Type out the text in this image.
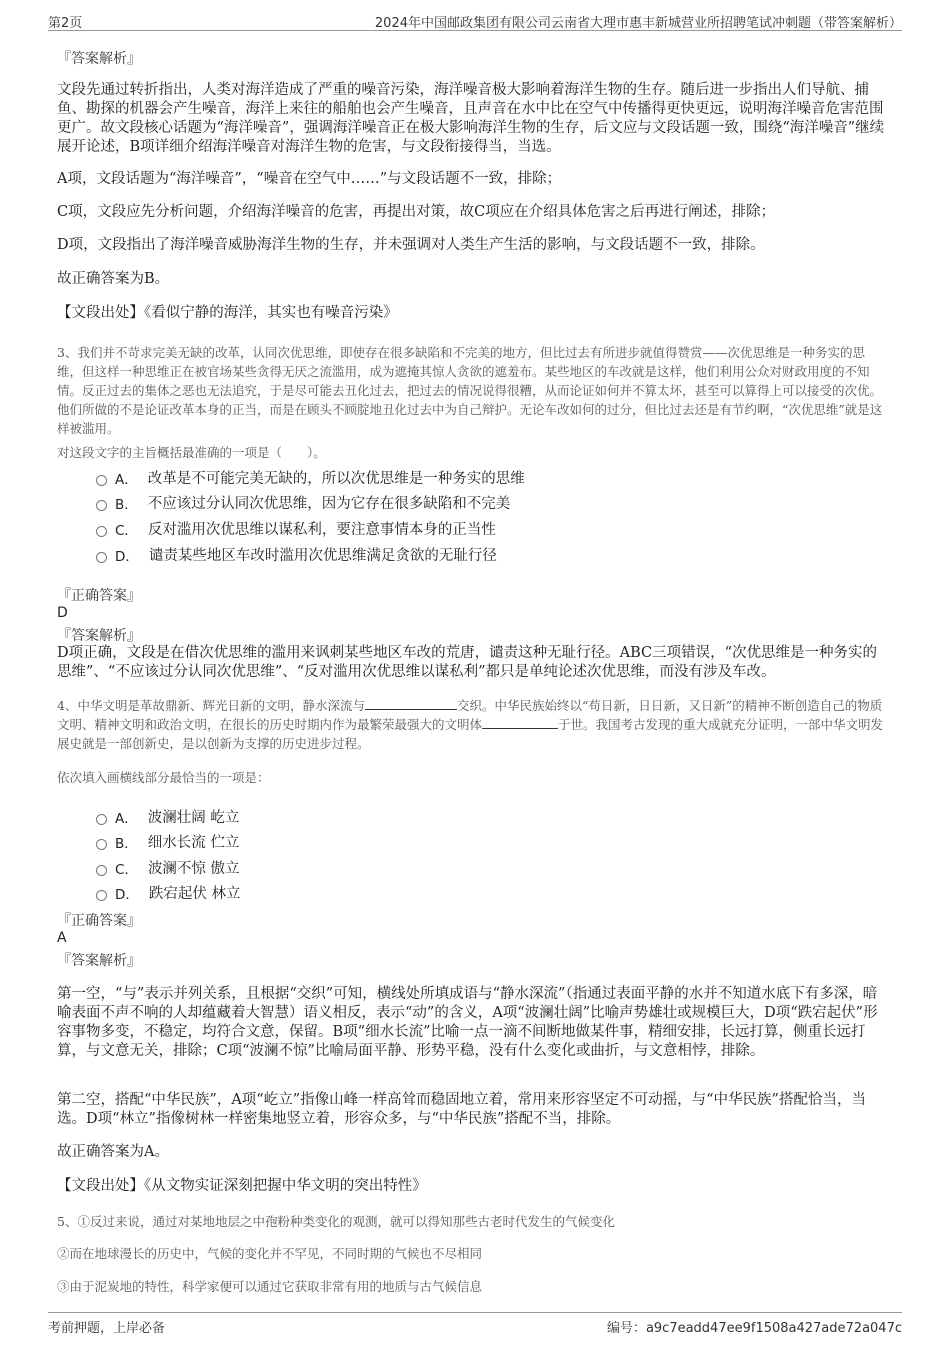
第2页	2024年中国邮政集团有限公司云南省大理市惠丰新城营业所招聘笔试冲刺题（带答案解析）
『答案解析』
文段先通过转折指出，人类对海洋造成了严重的噪音污染，海洋噪音极大影响着海洋生物的生存。随后进一步指出人们导航、捕鱼、勘探的机器会产生噪音，海洋上来往的船舶也会产生噪音，且声音在水中比在空气中传播得更快更远，说明海洋噪音危害范围更广。故文段核心话题为“海洋噪音”，强调海洋噪音正在极大影响海洋生物的生存，后文应与文段话题一致，围绕“海洋噪音”继续展开论述，B项详细介绍海洋噪音对海洋生物的危害，与文段衔接得当，当选。
A项，文段话题为“海洋噪音”，“噪音在空气中……”与文段话题不一致，排除；
C项，文段应先分析问题，介绍海洋噪音的危害，再提出对策，故C项应在介绍具体危害之后再进行阐述，排除；
D项，文段指出了海洋噪音威胁海洋生物的生存，并未强调对人类生产生活的影响，与文段话题不一致，排除。
故正确答案为B。
【文段出处】《看似宁静的海洋，其实也有噪音污染》
3、我们并不苛求完美无缺的改革，认同次优思维，即使存在很多缺陷和不完美的地方，但比过去有所进步就值得赞赏——次优思维是一种务实的思维，但这样一种思维正在被官场某些贪得无厌之流滥用，成为遮掩其惊人贪欲的遮羞布。某些地区的车改就是这样，他们利用公众对财政用度的不知情。反正过去的集体之恶也无法追究，于是尽可能去丑化过去，把过去的情况说得很糟，从而论证如何并不算太坏，甚至可以算得上可以接受的次优。他们所做的不是论证改革本身的正当，而是在顾头不顾腚地丑化过去中为自己辩护。无论车改如何的过分，但比过去还是有节约啊，“次优思维”就是这样被滥用。
对这段文字的主旨概括最准确的一项是（　　）。
A． 改革是不可能完美无缺的，所以次优思维是一种务实的思维
B． 不应该过分认同次优思维，因为它存在很多缺陷和不完美
C． 反对滥用次优思维以谋私利，要注意事情本身的正当性
D． 谴责某些地区车改时滥用次优思维满足贪欲的无耻行径
『正确答案』
D
『答案解析』
D项正确，文段是在借次优思维的滥用来讽刺某些地区车改的荒唐，谴责这种无耻行径。ABC三项错误，“次优思维是一种务实的思维”、“不应该过分认同次优思维”、“反对滥用次优思维以谋私利”都只是单纯论述次优思维，而没有涉及车改。
4、中华文明是革故鼎新、辉光日新的文明，静水深流与	交织。中华民族始终以“苟日新，日日新，又日新”的精神不断创造自己的物质文明、精神文明和政治文明，在很长的历史时期内作为最繁荣最强大的文明体	于世。我国考古发现的重大成就充分证明，一部中华文明发展史就是一部创新史，是以创新为支撑的历史进步过程。
依次填入画横线部分最恰当的一项是：
A． 波澜壮阔 屹立
B． 细水长流 伫立
C． 波澜不惊 傲立
D． 跌宕起伏 林立
『正确答案』
A
『答案解析』
第一空，“与”表示并列关系，且根据“交织”可知，横线处所填成语与“静水深流”（指通过表面平静的水并不知道水底下有多深，暗喻表面不声不响的人却蕴藏着大智慧）语义相反，表示“动”的含义，A项“波澜壮阔”比喻声势雄壮或规模巨大，D项“跌宕起伏”形容事物多变，不稳定，均符合文意，保留。B项“细水长流”比喻一点一滴不间断地做某件事，精细安排，长远打算，侧重长远打算，与文意无关，排除；C项“波澜不惊”比喻局面平静、形势平稳，没有什么变化或曲折，与文意相悖，排除。
第二空，搭配“中华民族”，A项“屹立”指像山峰一样高耸而稳固地立着，常用来形容坚定不可动摇，与“中华民族”搭配恰当，当选。D项“林立”指像树林一样密集地竖立着，形容众多，与“中华民族”搭配不当，排除。
故正确答案为A。
【文段出处】《从文物实证深刻把握中华文明的突出特性》
5、①反过来说，通过对某地地层之中孢粉种类变化的观测，就可以得知那些古老时代发生的气候变化
②而在地球漫长的历史中，气候的变化并不罕见，不同时期的气候也不尽相同
③由于泥炭地的特性，科学家便可以通过它获取非常有用的地质与古气候信息
考前押题，上岸必备	编号：a9c7eadd47ee9f1508a427ade72a047c
